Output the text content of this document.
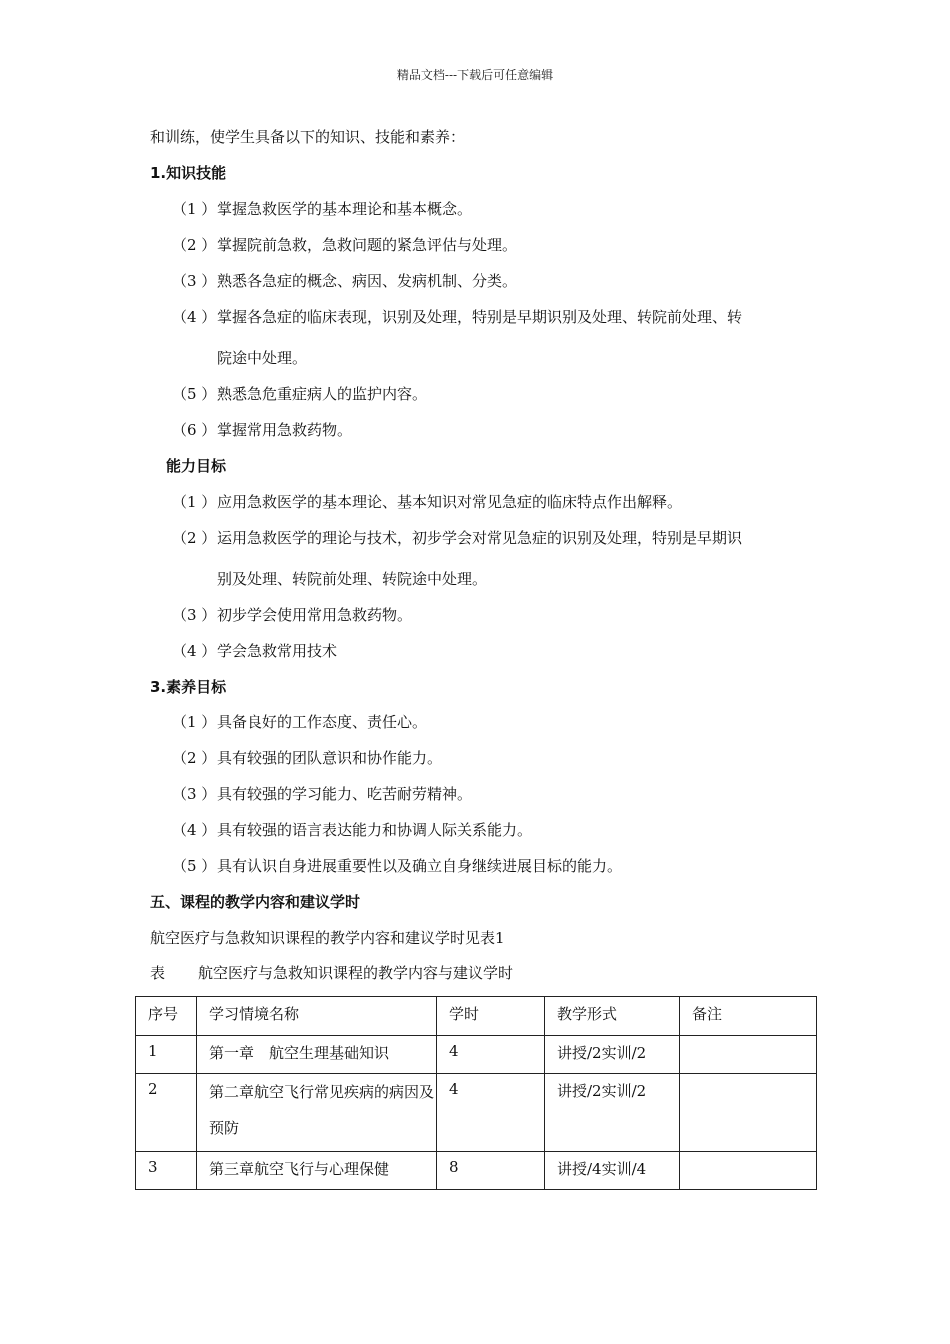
精品文档---下载后可任意编辑
和训练，使学生具备以下的知识、技能和素养：
1.知识技能
（1 ）掌握急救医学的基本理论和基本概念。
（2 ）掌握院前急救，急救问题的紧急评估与处理。
（3 ）熟悉各急症的概念、病因、发病机制、分类。
（4 ）掌握各急症的临床表现，识别及处理，特别是早期识别及处理、转院前处理、转
院途中处理。
（5 ）熟悉急危重症病人的监护内容。
（6 ）掌握常用急救药物。
能力目标
（1 ）应用急救医学的基本理论、基本知识对常见急症的临床特点作出解释。
（2 ）运用急救医学的理论与技术，初步学会对常见急症的识别及处理，特别是早期识
别及处理、转院前处理、转院途中处理。
（3 ）初步学会使用常用急救药物。
（4 ）学会急救常用技术
3.素养目标
（1 ）具备良好的工作态度、责任心。
（2 ）具有较强的团队意识和协作能力。
（3 ）具有较强的学习能力、吃苦耐劳精神。
（4 ）具有较强的语言表达能力和协调人际关系能力。
（5 ）具有认识自身进展重要性以及确立自身继续进展目标的能力。
五、课程的教学内容和建议学时
航空医疗与急救知识课程的教学内容和建议学时见表1
表 航空医疗与急救知识课程的教学内容与建议学时
序号	学习情境名称	学时	教学形式	备注
1	第一章　航空生理基础知识	4	讲授/2实训/2	
2	第二章航空飞行常见疾病的病因及预防	4	讲授/2实训/2	
3	第三章航空飞行与心理保健	8	讲授/4实训/4	
